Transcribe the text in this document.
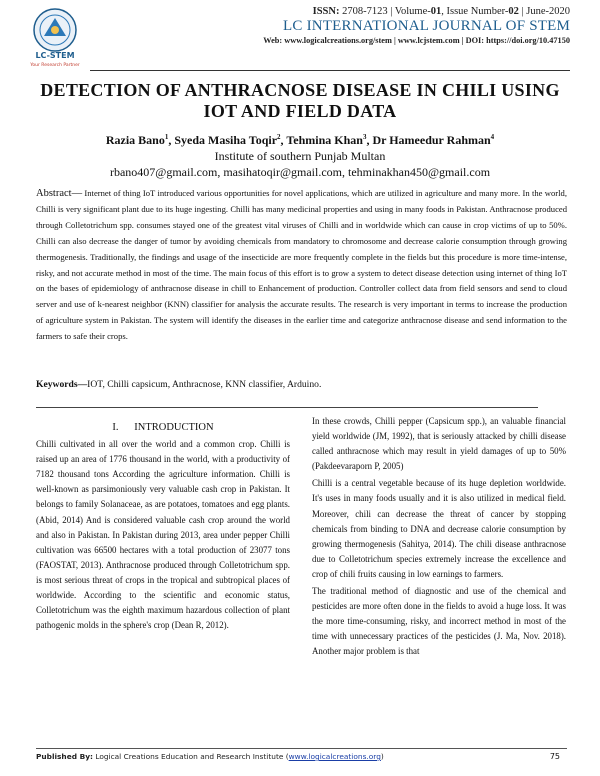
LC-STEM
Your Research Partner
ISSN: 2708-7123 | Volume-01, Issue Number-02 | June-2020
LC INTERNATIONAL JOURNAL OF STEM
Web: www.logicalcreations.org/stem | www.lcjstem.com | DOI: https://doi.org/10.47150
DETECTION OF ANTHRACNOSE DISEASE IN CHILI USING IOT AND FIELD DATA
Razia Bano$^1$, Syeda Masiha Toqir$^2$, Tehmina Khan$^3$, Dr Hameedur Rahman$^4$
Institute of southern Punjab Multan
rbano407@gmail.com, masihatoqir@gmail.com, tehminakhan450@gmail.com
Abstract— Internet of thing IoT introduced various opportunities for novel applications, which are utilized in agriculture and many more. In the world, Chilli is very significant plant due to its huge ingesting. Chilli has many medicinal properties and using in many foods in Pakistan. Anthracnose produced through Colletotrichum spp. consumes stayed one of the greatest vital viruses of Chilli and in worldwide which can cause in crop victims of up to 50%. Chilli can also decrease the danger of tumor by avoiding chemicals from mandatory to chromosome and decrease calorie consumption through growing thermogenesis. Traditionally, the findings and usage of the insecticide are more frequently complete in the fields but this procedure is more time-intense, risky, and not accurate method in most of the time. The main focus of this effort is to grow a system to detect disease detection using internet of thing IoT on the bases of epidemiology of anthracnose disease in chill to Enhancement of production. Controller collect data from field sensors and send to cloud server and use of k-nearest neighbor (KNN) classifier for analysis the accurate results. The research is very important in terms to increase the production of agriculture system in Pakistan. The system will identify the diseases in the earlier time and categorize anthracnose disease and send information to the farmers to safe their crops.
Keywords—IOT, Chilli capsicum, Anthracnose, KNN classifier, Arduino.
I.      INTRODUCTION

Chilli cultivated in all over the world and a common crop. Chilli is raised up an area of 1776 thousand in the world, with a productivity of 7182 thousand tons According the agriculture information. Chilli is well-known as parsimoniously very valuable cash crop in Pakistan. It belongs to family Solanaceae, as are potatoes, tomatoes and egg plants. (Abid, 2014) And is considered valuable cash crop around the world and also in Pakistan. In Pakistan during 2013, area under pepper Chilli cultivation was 66500 hectares with a total production of 23077 tons (FAOSTAT, 2013). Anthracnose produced through Colletotrichum spp. is most serious threat of crops in the tropical and subtropical places of worldwide. According to the scientific and economic status, Colletotrichum was the eighth maximum hazardous collection of plant pathogenic molds in the sphere's crop (Dean R, 2012).

In these crowds, Chilli pepper (Capsicum spp.), an valuable financial yield worldwide (JM, 1992), that is seriously attacked by chilli disease called anthracnose which may result in yield damages of up to 50% (Pakdeevaraporn P, 2005)

Chilli is a central vegetable because of its huge depletion worldwide. It's uses in many foods usually and it is also utilized in medical field. Moreover, chili can decrease the threat of cancer by stopping chemicals from binding to DNA and decrease calorie consumption by growing thermogenesis (Sahitya, 2014). The chili disease anthracnose due to Colletotrichum species extremely increase the excellence and crop of chili fruits causing in low earnings to farmers.

The traditional method of diagnostic and use of the chemical and pesticides are more often done in the fields to avoid a huge loss. It was the more time-consuming, risky, and incorrect method in most of the time with unnecessary practices of the pesticides (J. Ma, Nov. 2018). Another major problem is that

Published By: Logical Creations Education and Research Institute (www.logicalcreations.org)	75
